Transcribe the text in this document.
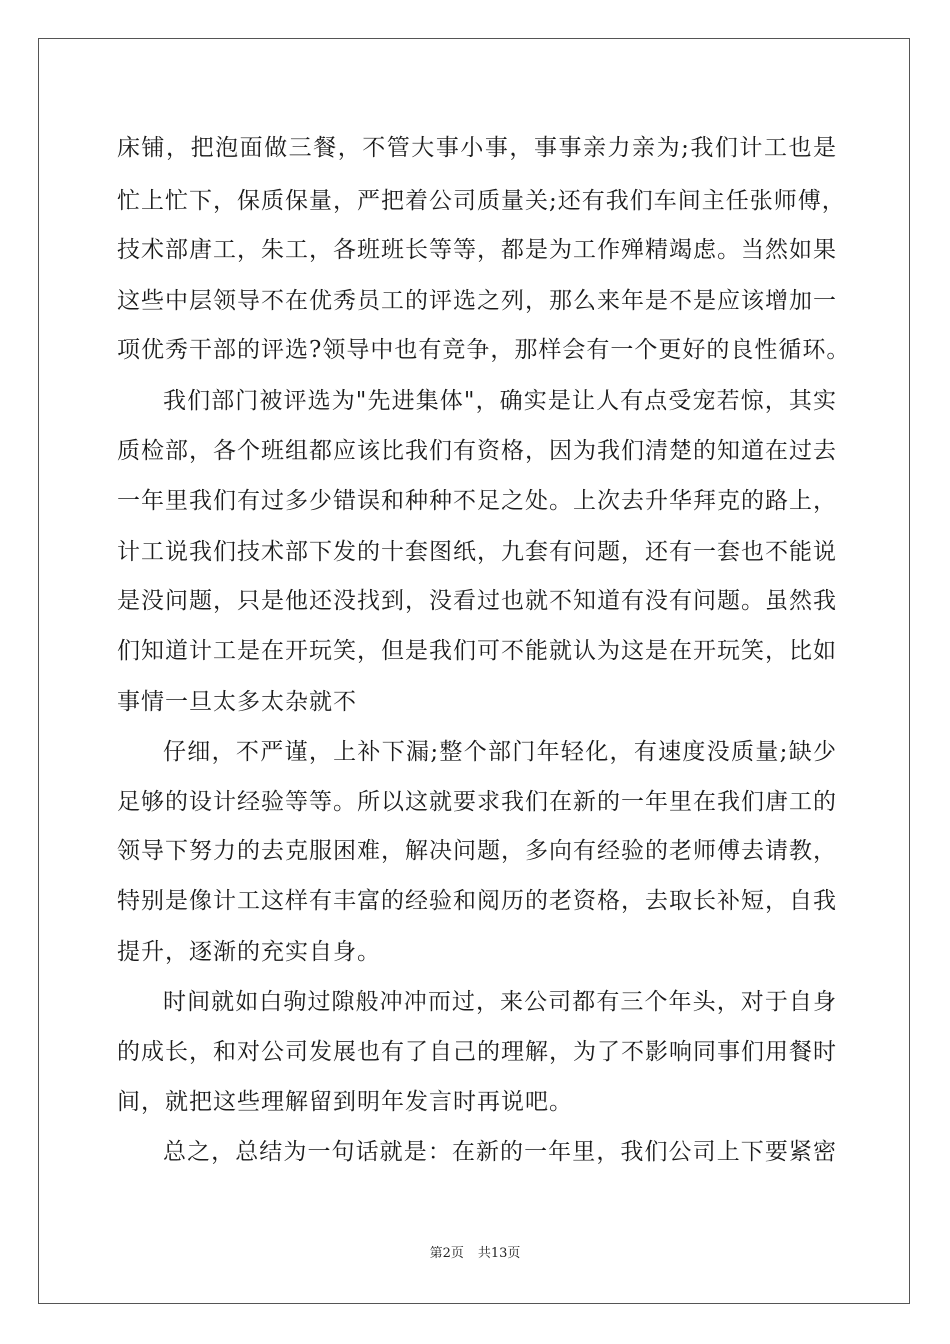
床铺，把泡面做三餐，不管大事小事，事事亲力亲为;我们计工也是
忙上忙下，保质保量，严把着公司质量关;还有我们车间主任张师傅，
技术部唐工，朱工，各班班长等等，都是为工作殚精竭虑。当然如果
这些中层领导不在优秀员工的评选之列，那么来年是不是应该增加一
项优秀干部的评选?领导中也有竞争，那样会有一个更好的良性循环。
我们部门被评选为"先进集体"，确实是让人有点受宠若惊，其实
质检部，各个班组都应该比我们有资格，因为我们清楚的知道在过去
一年里我们有过多少错误和种种不足之处。上次去升华拜克的路上，
计工说我们技术部下发的十套图纸，九套有问题，还有一套也不能说
是没问题，只是他还没找到，没看过也就不知道有没有问题。虽然我
们知道计工是在开玩笑，但是我们可不能就认为这是在开玩笑，比如
事情一旦太多太杂就不
仔细，不严谨，上补下漏;整个部门年轻化，有速度没质量;缺少
足够的设计经验等等。所以这就要求我们在新的一年里在我们唐工的
领导下努力的去克服困难，解决问题，多向有经验的老师傅去请教，
特别是像计工这样有丰富的经验和阅历的老资格，去取长补短，自我
提升，逐渐的充实自身。
时间就如白驹过隙般冲冲而过，来公司都有三个年头，对于自身
的成长，和对公司发展也有了自己的理解，为了不影响同事们用餐时
间，就把这些理解留到明年发言时再说吧。
总之，总结为一句话就是：在新的一年里，我们公司上下要紧密
第2页 共13页
